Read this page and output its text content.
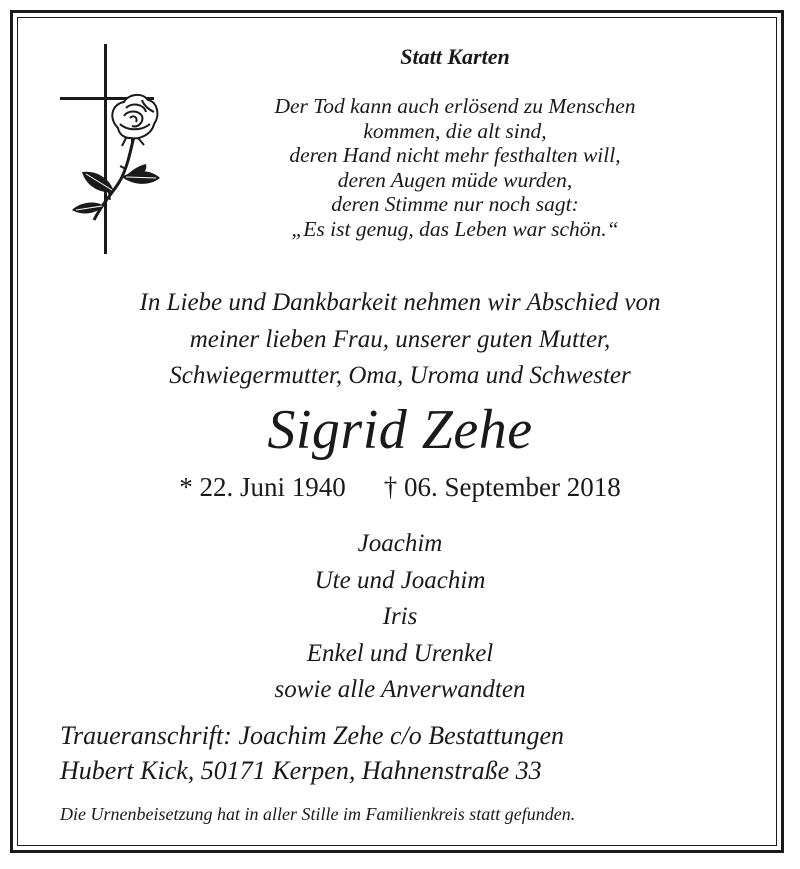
Statt Karten
Der Tod kann auch erlösend zu Menschen
kommen, die alt sind,
deren Hand nicht mehr festhalten will,
deren Augen müde wurden,
deren Stimme nur noch sagt:
„Es ist genug, das Leben war schön.“
In Liebe und Dankbarkeit nehmen wir Abschied von
meiner lieben Frau, unserer guten Mutter,
Schwiegermutter, Oma, Uroma und Schwester
Sigrid Zehe
* 22. Juni 1940 † 06. September 2018
Joachim
Ute und Joachim
Iris
Enkel und Urenkel
sowie alle Anverwandten
Traueranschrift: Joachim Zehe c/o Bestattungen
Hubert Kick, 50171 Kerpen, Hahnenstraße 33
Die Urnenbeisetzung hat in aller Stille im Familienkreis statt gefunden.
